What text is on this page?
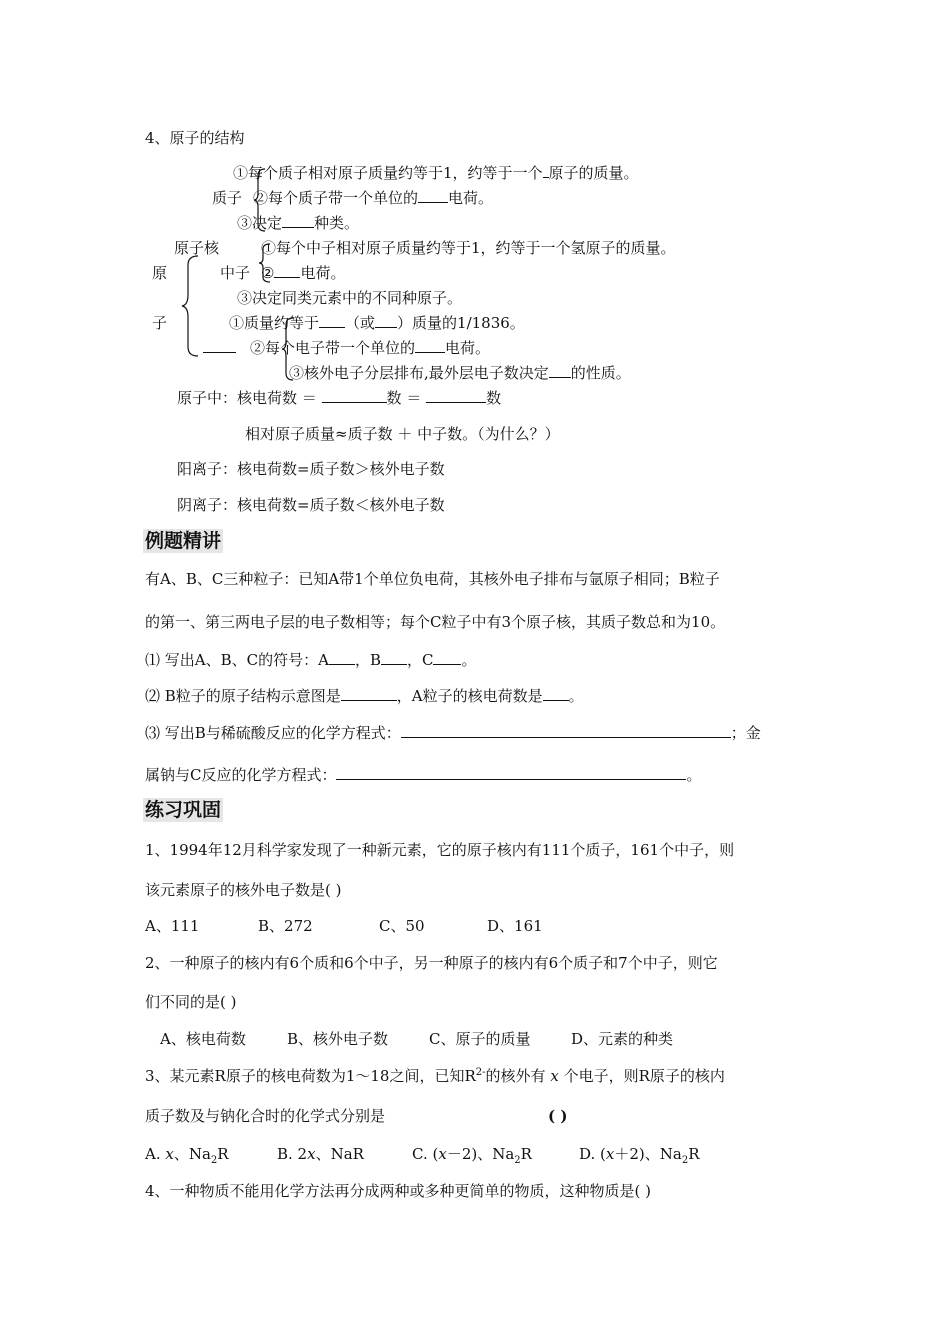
4、原子的结构
①每个质子相对原子质量约等于1，约等于一个 原子的质量。
质子 ②每个质子带一个单位的 电荷。
③决定 种类。
原子核	①每个中子相对原子质量约等于1，约等于一个氢原子的质量。
原	中子 ② 电荷。
③决定同类元素中的不同种原子。
子	①质量约等于 （或 ）质量的1/1836。
②每个电子带一个单位的 电荷。
③核外电子分层排布,最外层电子数决定 的性质。
原子中：核电荷数 ＝	数 ＝	数
相对原子质量≈质子数 ＋ 中子数。（为什么？）
阳离子：核电荷数=质子数＞核外电子数
阴离子：核电荷数=质子数＜核外电子数
例题精讲
有A、B、C三种粒子：已知A带1个单位负电荷，其核外电子排布与氩原子相同；B粒子
的第一、第三两电子层的电子数相等；每个C粒子中有3个原子核，其质子数总和为10。
⑴ 写出A、B、C的符号：A ，B ，C 。
⑵ B粒子的原子结构示意图是	，A粒子的核电荷数是 。
⑶ 写出B与稀硫酸反应的化学方程式：	；金
属钠与C反应的化学方程式：	。
练习巩固
1、1994年12月科学家发现了一种新元素，它的原子核内有111个质子，161个中子，则
该元素原子的核外电子数是( )
A、111	B、272	C、50	D、161
2、一种原子的核内有6个质和6个中子，另一种原子的核内有6个质子和7个中子，则它
们不同的是( )
A、核电荷数	B、核外电子数	C、原子的质量	D、元素的种类
3、某元素R原子的核电荷数为1～18之间，已知$R^{2-}$的核外有 x 个电子，则R原子的核内
质子数及与钠化合时的化学式分别是	( )
A. x、$Na_2R$	B. 2x、NaR	C. (x－2)、$Na_2R$	D. (x＋2)、$Na_2R$
4、一种物质不能用化学方法再分成两种或多种更简单的物质，这种物质是( )
